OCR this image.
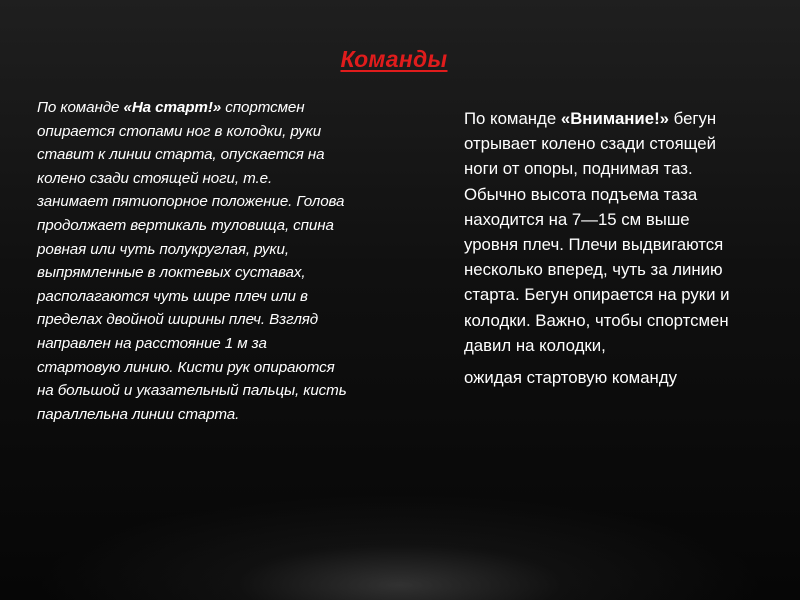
Команды
По команде «На старт!» спортсмен опирается стопами ног в колодки, руки ставит к линии старта, опускается на колено сзади стоящей ноги, т.е. занимает пятиопорное положение. Голова продолжает вертикаль туловища, спина ровная или чуть полукруглая, руки, выпрямленные в локтевых суставах, располагаются чуть шире плеч или в пределах двойной ширины плеч. Взгляд направлен на расстояние 1 м за стартовую линию. Кисти рук опираются на большой и указательный пальцы, кисть параллельна линии старта.
По команде «Внимание!» бегун отрывает колено сзади стоящей ноги от опоры, поднимая таз. Обычно высота подъема таза находится на 7—15 см выше уровня плеч. Плечи выдвигаются несколько вперед, чуть за линию старта. Бегун опирается на руки и колодки. Важно, чтобы спортсмен давил на колодки,
ожидая стартовую команду
